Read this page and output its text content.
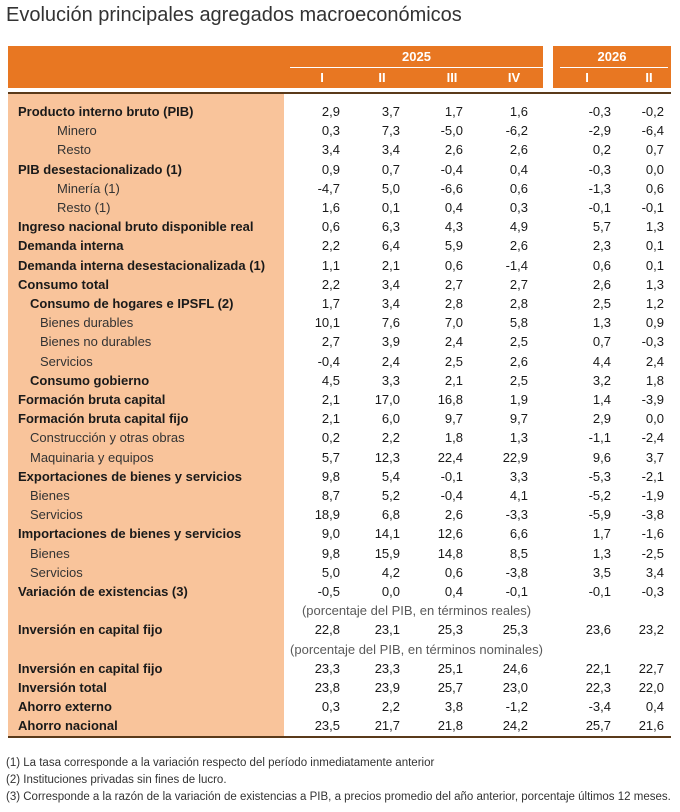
Evolución principales agregados macroeconómicos
2025	2026
I	II	III	IV	I	II
Producto interno bruto (PIB)	2,9	3,7	1,7	1,6	-0,3	-0,2
Minero	0,3	7,3	-5,0	-6,2	-2,9	-6,4
Resto	3,4	3,4	2,6	2,6	0,2	0,7
PIB desestacionalizado (1)	0,9	0,7	-0,4	0,4	-0,3	0,0
Minería (1)	-4,7	5,0	-6,6	0,6	-1,3	0,6
Resto (1)	1,6	0,1	0,4	0,3	-0,1	-0,1
Ingreso nacional bruto disponible real	0,6	6,3	4,3	4,9	5,7	1,3
Demanda interna	2,2	6,4	5,9	2,6	2,3	0,1
Demanda interna desestacionalizada (1)	1,1	2,1	0,6	-1,4	0,6	0,1
Consumo total	2,2	3,4	2,7	2,7	2,6	1,3
Consumo de hogares e IPSFL (2)	1,7	3,4	2,8	2,8	2,5	1,2
Bienes durables	10,1	7,6	7,0	5,8	1,3	0,9
Bienes no durables	2,7	3,9	2,4	2,5	0,7	-0,3
Servicios	-0,4	2,4	2,5	2,6	4,4	2,4
Consumo gobierno	4,5	3,3	2,1	2,5	3,2	1,8
Formación bruta capital	2,1	17,0	16,8	1,9	1,4	-3,9
Formación bruta capital fijo	2,1	6,0	9,7	9,7	2,9	0,0
Construcción y otras obras	0,2	2,2	1,8	1,3	-1,1	-2,4
Maquinaria y equipos	5,7	12,3	22,4	22,9	9,6	3,7
Exportaciones de bienes y servicios	9,8	5,4	-0,1	3,3	-5,3	-2,1
Bienes	8,7	5,2	-0,4	4,1	-5,2	-1,9
Servicios	18,9	6,8	2,6	-3,3	-5,9	-3,8
Importaciones de bienes y servicios	9,0	14,1	12,6	6,6	1,7	-1,6
Bienes	9,8	15,9	14,8	8,5	1,3	-2,5
Servicios	5,0	4,2	0,6	-3,8	3,5	3,4
Variación de existencias (3)	-0,5	0,0	0,4	-0,1	-0,1	-0,3
(porcentaje del PIB, en términos reales)
Inversión en capital fijo	22,8	23,1	25,3	25,3	23,6	23,2
(porcentaje del PIB, en términos nominales)
Inversión en capital fijo	23,3	23,3	25,1	24,6	22,1	22,7
Inversión total	23,8	23,9	25,7	23,0	22,3	22,0
Ahorro externo	0,3	2,2	3,8	-1,2	-3,4	0,4
Ahorro nacional	23,5	21,7	21,8	24,2	25,7	21,6
(1) La tasa corresponde a la variación respecto del período inmediatamente anterior
(2) Instituciones privadas sin fines de lucro.
(3) Corresponde a la razón de la variación de existencias a PIB, a precios promedio del año anterior, porcentaje últimos 12 meses.
